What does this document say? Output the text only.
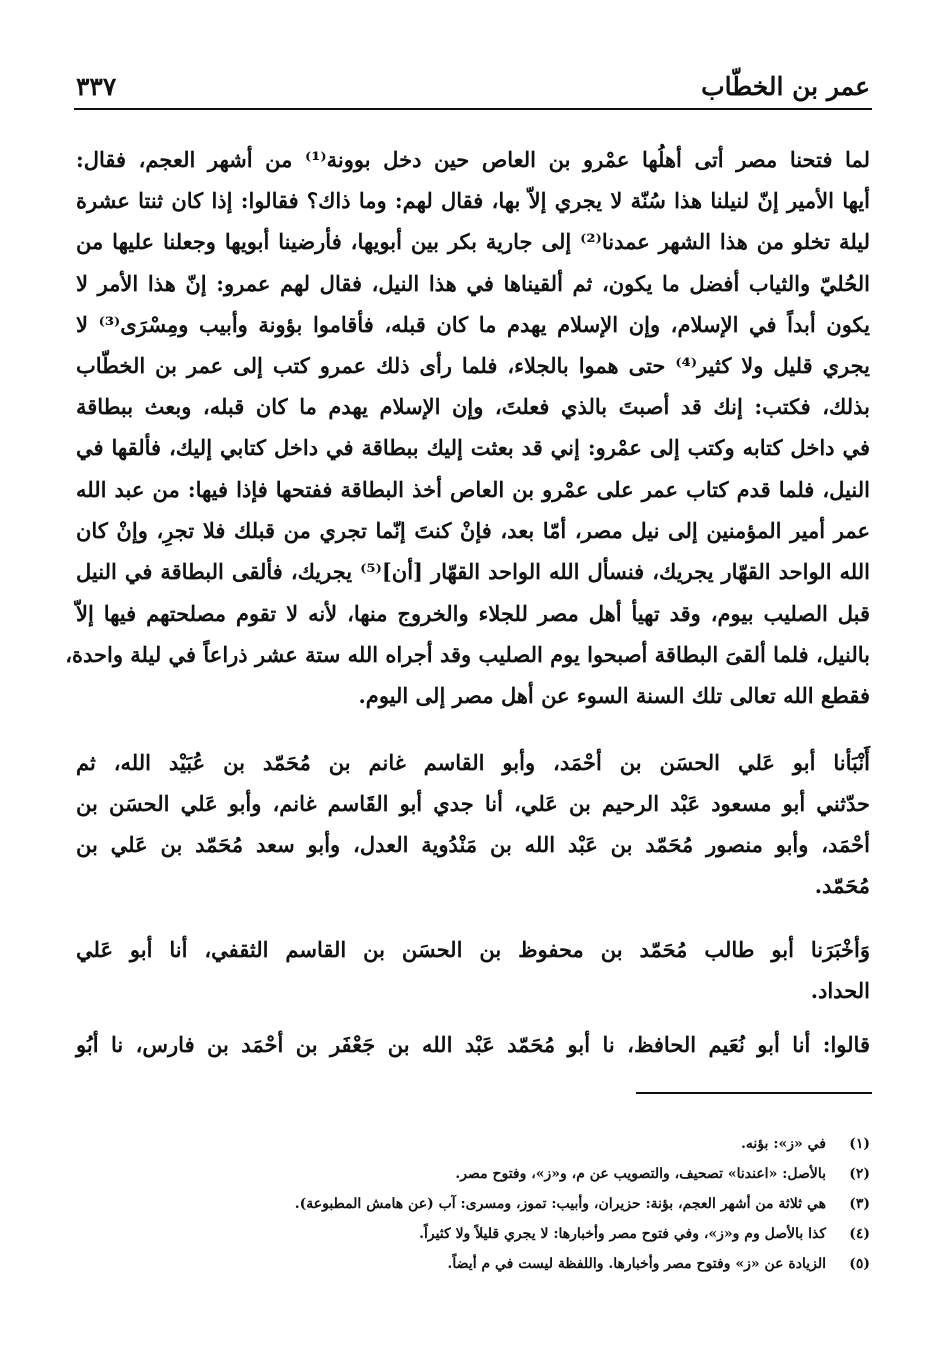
عمر بن الخطّاب
٣٣٧
لما فتحنا مصر أتى أهلُها عمْرو بن العاص حين دخل بوونة⁽¹⁾ من أشهر العجم، فقال:
أيها الأمير إنّ لنيلنا هذا سُنّة لا يجري إلاّ بها، فقال لهم: وما ذاك؟ فقالوا: إذا كان ثنتا عشرة
ليلة تخلو من هذا الشهر عمدنا⁽²⁾ إلى جارية بكر بين أبويها، فأرضينا أبويها وجعلنا عليها من
الحُليّ والثياب أفضل ما يكون، ثم ألقيناها في هذا النيل، فقال لهم عمرو: إنّ هذا الأمر لا
يكون أبداً في الإسلام، وإن الإسلام يهدم ما كان قبله، فأقاموا بؤونة وأبيب ومِسْرَى⁽³⁾ لا
يجري قليل ولا كثير⁽⁴⁾ حتى هموا بالجلاء، فلما رأى ذلك عمرو كتب إلى عمر بن الخطّاب
بذلك، فكتب: إنك قد أصبتَ بالذي فعلتَ، وإن الإسلام يهدم ما كان قبله، وبعث ببطاقة
في داخل كتابه وكتب إلى عمْرو: إني قد بعثت إليك ببطاقة في داخل كتابي إليك، فألقها في
النيل، فلما قدم كتاب عمر على عمْرو بن العاص أخذ البطاقة ففتحها فإذا فيها: من عبد الله
عمر أمير المؤمنين إلى نيل مصر، أمّا بعد، فإنْ كنتَ إنّما تجري من قبلك فلا تجرِ، وإنْ كان
الله الواحد القهّار يجريك، فنسأل الله الواحد القهّار [أن]⁽⁵⁾ يجريك، فألقى البطاقة في النيل
قبل الصليب بيوم، وقد تهيأ أهل مصر للجلاء والخروج منها، لأنه لا تقوم مصلحتهم فيها إلاّ
بالنيل، فلما ألقىَ البطاقة أصبحوا يوم الصليب وقد أجراه الله ستة عشر ذراعاً في ليلة واحدة،
فقطع الله تعالى تلك السنة السوء عن أهل مصر إلى اليوم.
أَنْبَأنا أبو عَلي الحسَن بن أحْمَد، وأبو القاسم غانم بن مُحَمّد بن عُبَيْد الله، ثم
حدّثني أبو مسعود عَبْد الرحيم بن عَلي، أنا جدي أبو القَاسم غانم، وأبو عَلي الحسَن بن
أحْمَد، وأبو منصور مُحَمّد بن عَبْد الله بن مَنْدُوية العدل، وأبو سعد مُحَمّد بن عَلي بن
مُحَمّد.
وَأخْبَرَنا أبو طالب مُحَمّد بن محفوظ بن الحسَن بن القاسم الثقفي، أنا أبو عَلي
الحداد.
قالوا: أنا أبو نُعَيم الحافظ، نا أبو مُحَمّد عَبْد الله بن جَعْفَر بن أحْمَد بن فارس، نا أبُو
(١)في «ز»: بؤنه.
(٢)بالأصل: «اعندنا» تصحيف، والتصويب عن م، و«ز»، وفتوح مصر.
(٣)هي ثلاثة من أشهر العجم، بؤنة: حزيران، وأبيب: تموز، ومسرى: آب (عن هامش المطبوعة).
(٤)كذا بالأصل وم و«ز»، وفي فتوح مصر وأخبارها: لا يجري قليلاً ولا كثيراً.
(٥)الزيادة عن «ز» وفتوح مصر وأخبارها. واللفظة ليست في م أيضاً.
